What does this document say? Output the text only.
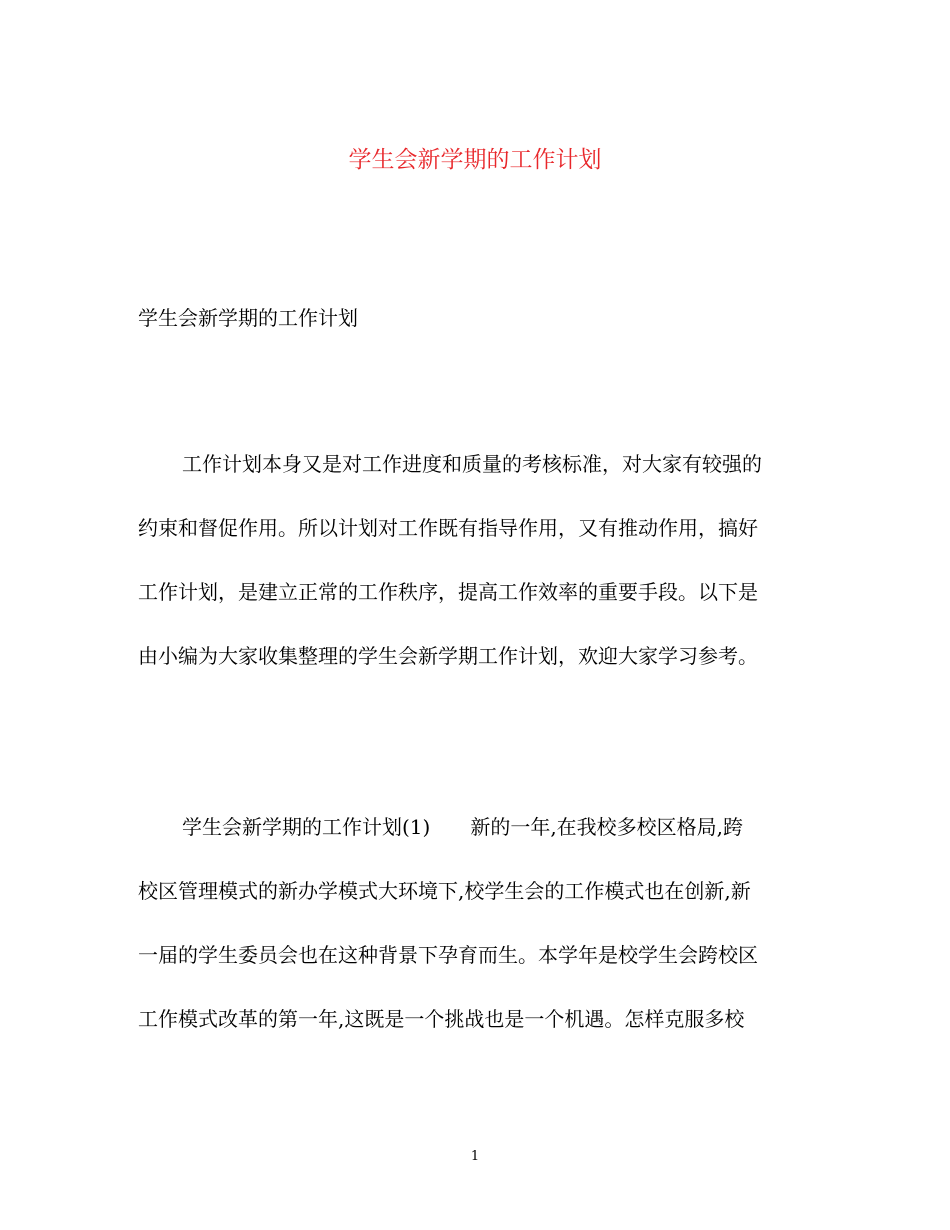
学生会新学期的工作计划

学生会新学期的工作计划

工作计划本身又是对工作进度和质量的考核标准，对大家有较强的
约束和督促作用。所以计划对工作既有指导作用，又有推动作用，搞好
工作计划，是建立正常的工作秩序，提高工作效率的重要手段。以下是
由小编为大家收集整理的学生会新学期工作计划，欢迎大家学习参考。
学生会新学期的工作计划(1)　　新的一年,在我校多校区格局,跨
校区管理模式的新办学模式大环境下,校学生会的工作模式也在创新,新
一届的学生委员会也在这种背景下孕育而生。本学年是校学生会跨校区
工作模式改革的第一年,这既是一个挑战也是一个机遇。怎样克服多校
1
